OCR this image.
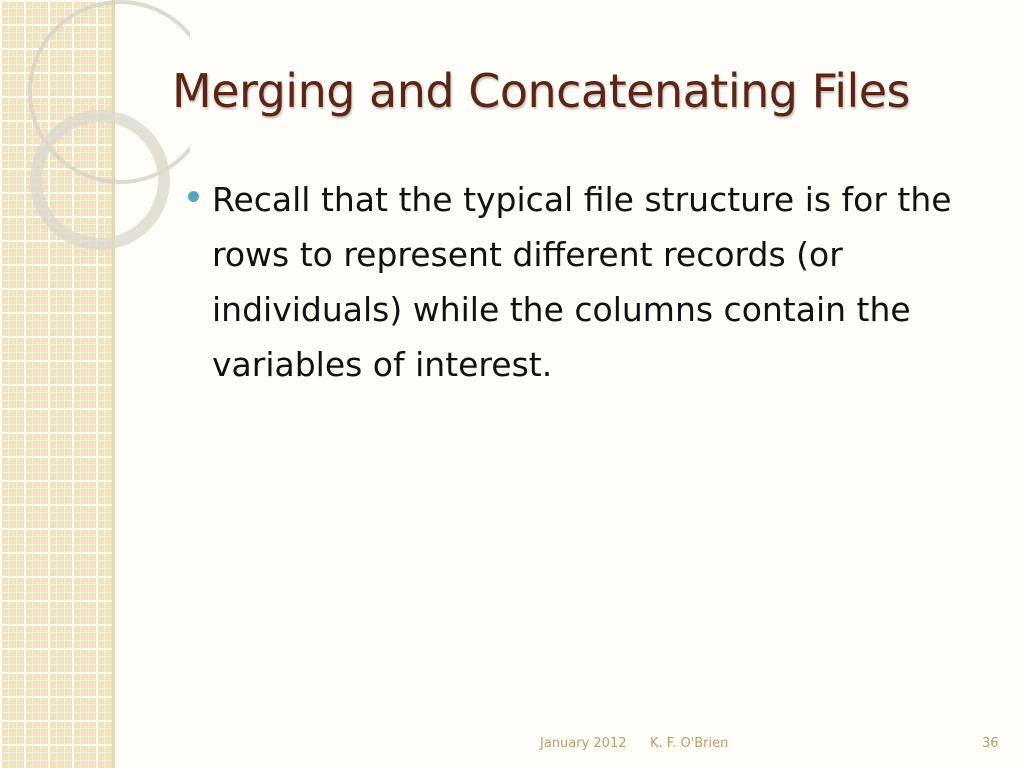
Merging and Concatenating Files
Recall that the typical file structure is for the rows to represent different records (or individuals) while the columns contain the variables of interest.
January 2012 K. F. O'Brien	36
